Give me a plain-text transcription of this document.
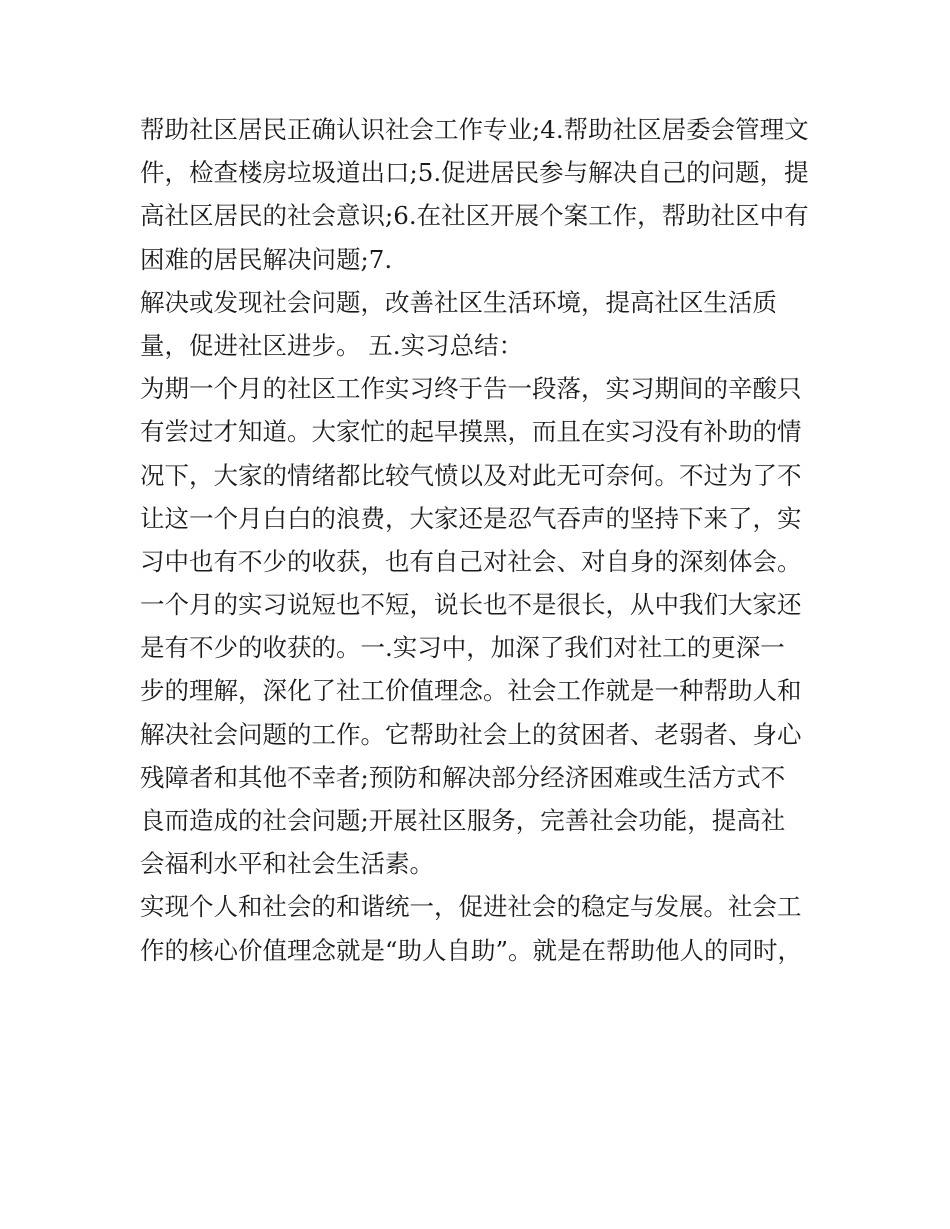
帮助社区居民正确认识社会工作专业;4.帮助社区居委会管理文
件，检查楼房垃圾道出口;5.促进居民参与解决自己的问题，提
高社区居民的社会意识;6.在社区开展个案工作，帮助社区中有
困难的居民解决问题;7.
解决或发现社会问题，改善社区生活环境，提高社区生活质
量，促进社区进步。 五.实习总结：
为期一个月的社区工作实习终于告一段落，实习期间的辛酸只
有尝过才知道。大家忙的起早摸黑，而且在实习没有补助的情
况下，大家的情绪都比较气愤以及对此无可奈何。不过为了不
让这一个月白白的浪费，大家还是忍气吞声的坚持下来了，实
习中也有不少的收获，也有自己对社会、对自身的深刻体会。
一个月的实习说短也不短，说长也不是很长，从中我们大家还
是有不少的收获的。一.实习中，加深了我们对社工的更深一
步的理解，深化了社工价值理念。社会工作就是一种帮助人和
解决社会问题的工作。它帮助社会上的贫困者、老弱者、身心
残障者和其他不幸者;预防和解决部分经济困难或生活方式不
良而造成的社会问题;开展社区服务，完善社会功能，提高社
会福利水平和社会生活素。
实现个人和社会的和谐统一，促进社会的稳定与发展。社会工
作的核心价值理念就是“助人自助”。就是在帮助他人的同时，
